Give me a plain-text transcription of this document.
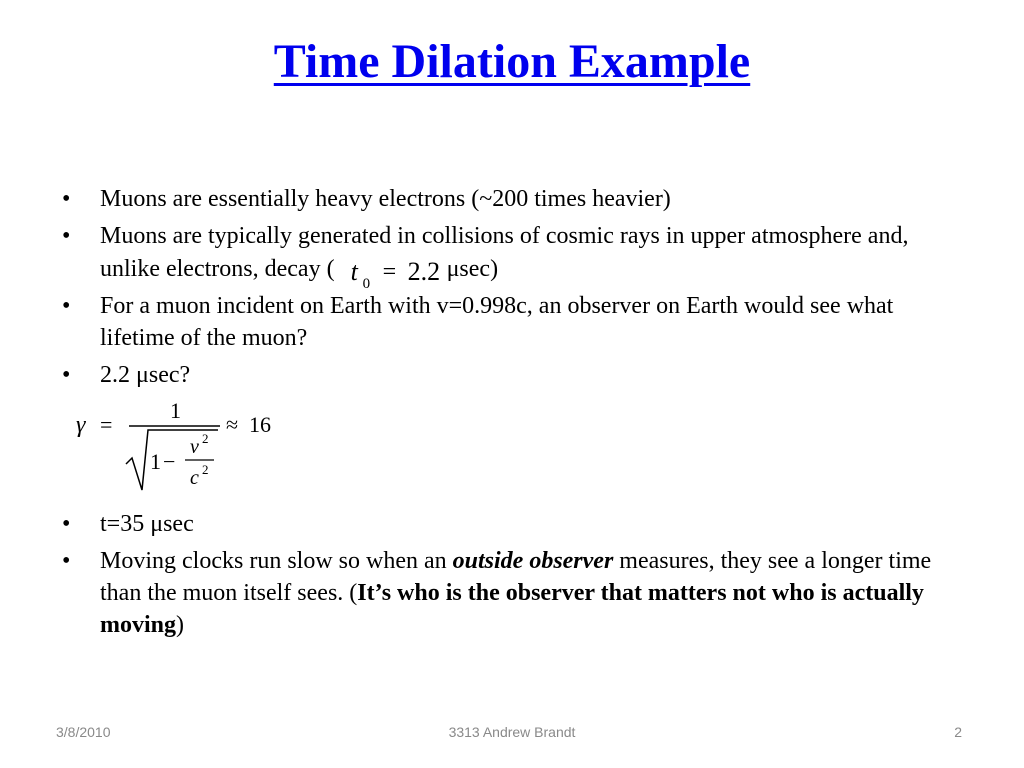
Time Dilation Example
• Muons are essentially heavy electrons (~200 times heavier)
• Muons are typically generated in collisions of cosmic rays in upper atmosphere and, unlike electrons, decay ( t 0 = 2.2 μsec)
• For a muon incident on Earth with v=0.998c, an observer on Earth would see what lifetime of the muon?
• 2.2 μsec?
• t=35 μsec
• Moving clocks run slow so when an outside observer measures, they see a longer time than the muon itself sees. (It’s who is the observer that matters not who is actually moving)
γ =
1
1 −
v 2
c 2
≈ 16
3/8/2010	3313 Andrew Brandt	2
